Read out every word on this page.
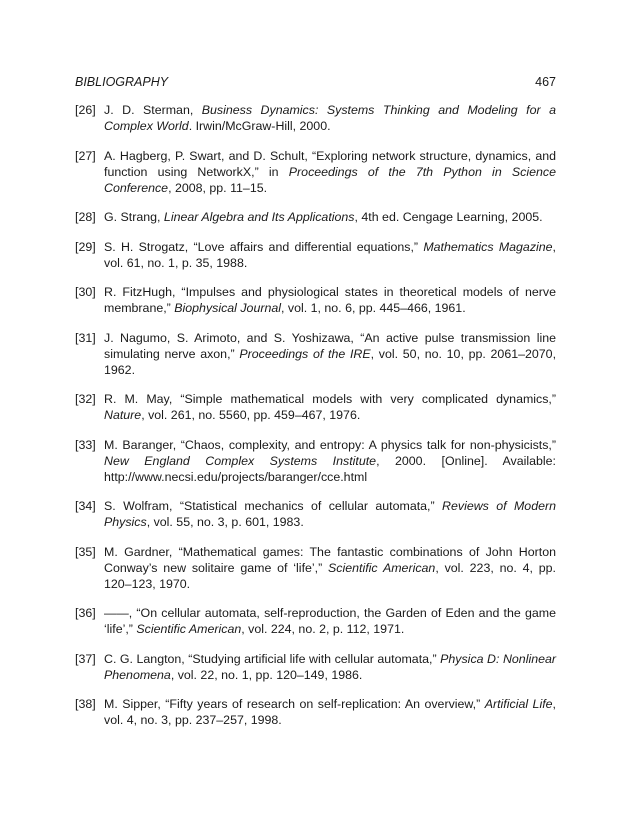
BIBLIOGRAPHY	467
[26] J. D. Sterman, Business Dynamics: Systems Thinking and Modeling for a Complex World. Irwin/McGraw-Hill, 2000.
[27] A. Hagberg, P. Swart, and D. Schult, “Exploring network structure, dynamics, and function using NetworkX,” in Proceedings of the 7th Python in Science Conference, 2008, pp. 11–15.
[28] G. Strang, Linear Algebra and Its Applications, 4th ed. Cengage Learning, 2005.
[29] S. H. Strogatz, “Love affairs and differential equations,” Mathematics Magazine, vol. 61, no. 1, p. 35, 1988.
[30] R. FitzHugh, “Impulses and physiological states in theoretical models of nerve membrane,” Biophysical Journal, vol. 1, no. 6, pp. 445–466, 1961.
[31] J. Nagumo, S. Arimoto, and S. Yoshizawa, “An active pulse transmission line simulating nerve axon,” Proceedings of the IRE, vol. 50, no. 10, pp. 2061–2070, 1962.
[32] R. M. May, “Simple mathematical models with very complicated dynamics,” Nature, vol. 261, no. 5560, pp. 459–467, 1976.
[33] M. Baranger, “Chaos, complexity, and entropy: A physics talk for non-physicists,” New England Complex Systems Institute, 2000. [Online]. Available: http://www.necsi.edu/projects/baranger/cce.html
[34] S. Wolfram, “Statistical mechanics of cellular automata,” Reviews of Modern Physics, vol. 55, no. 3, p. 601, 1983.
[35] M. Gardner, “Mathematical games: The fantastic combinations of John Horton Conway’s new solitaire game of ‘life’,” Scientific American, vol. 223, no. 4, pp. 120–123, 1970.
[36] ——, “On cellular automata, self-reproduction, the Garden of Eden and the game ‘life’,” Scientific American, vol. 224, no. 2, p. 112, 1971.
[37] C. G. Langton, “Studying artificial life with cellular automata,” Physica D: Nonlinear Phenomena, vol. 22, no. 1, pp. 120–149, 1986.
[38] M. Sipper, “Fifty years of research on self-replication: An overview,” Artificial Life, vol. 4, no. 3, pp. 237–257, 1998.
